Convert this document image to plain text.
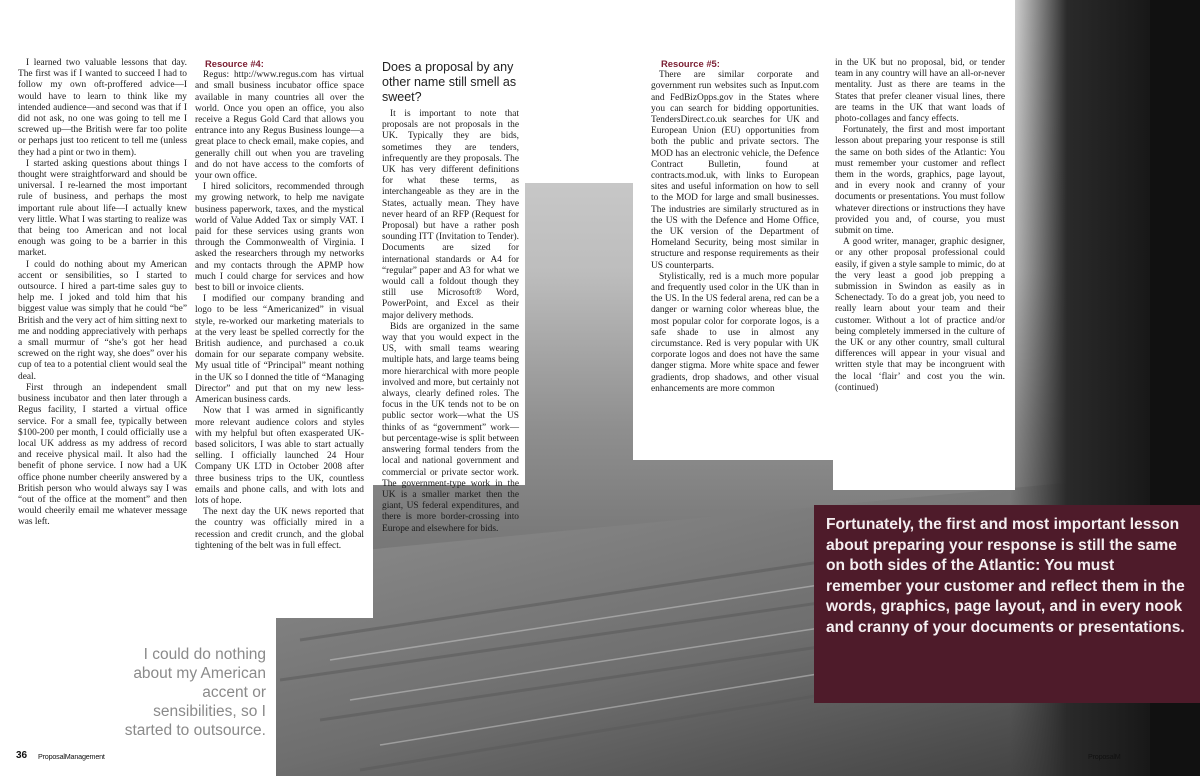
I learned two valuable lessons that day. The first was if I wanted to succeed I had to follow my own oft-proffered advice—I would have to learn to think like my intended audience—and second was that if I did not ask, no one was going to tell me I screwed up—the British were far too polite or perhaps just too reticent to tell me (unless they had a pint or two in them).

I started asking questions about things I thought were straightforward and should be universal. I re-learned the most important rule of business, and perhaps the most important rule about life—I actually knew very little. What I was starting to realize was that being too American and not local enough was going to be a barrier in this market.

I could do nothing about my American accent or sensibilities, so I started to outsource. I hired a part-time sales guy to help me. I joked and told him that his biggest value was simply that he could “be” British and the very act of him sitting next to me and nodding appreciatively with perhaps a small murmur of “she’s got her head screwed on the right way, she does” over his cup of tea to a potential client would seal the deal.

First through an independent small business incubator and then later through a Regus facility, I started a virtual office service. For a small fee, typically between $100-200 per month, I could officially use a local UK address as my address of record and receive physical mail. It also had the benefit of phone service. I now had a UK office phone number cheerily answered by a British person who would always say I was “out of the office at the moment” and then would cheerily email me whatever message was left.

Resource #4:

Regus: http://www.regus.com has virtual and small business incubator office space available in many countries all over the world. Once you open an office, you also receive a Regus Gold Card that allows you entrance into any Regus Business lounge—a great place to check email, make copies, and generally chill out when you are traveling and do not have access to the comforts of your own office.

I hired solicitors, recommended through my growing network, to help me navigate business paperwork, taxes, and the mystical world of Value Added Tax or simply VAT. I paid for these services using grants won through the Commonwealth of Virginia. I asked the researchers through my networks and my contacts through the APMP how much I could charge for services and how best to bill or invoice clients.

I modified our company branding and logo to be less “Americanized” in visual style, re-worked our marketing materials to at the very least be spelled correctly for the British audience, and purchased a co.uk domain for our separate company website. My usual title of “Principal” meant nothing in the UK so I donned the title of “Managing Director” and put that on my new less-American business cards.

Now that I was armed in significantly more relevant audience colors and styles with my helpful but often exasperated UK-based solicitors, I was able to start actually selling. I officially launched 24 Hour Company UK LTD in October 2008 after three business trips to the UK, countless emails and phone calls, and with lots and lots of hope.

The next day the UK news reported that the country was officially mired in a recession and credit crunch, and the global tightening of the belt was in full effect.

Does a proposal by any other name still smell as sweet?

It is important to note that proposals are not proposals in the UK. Typically they are bids, sometimes they are tenders, infrequently are they proposals. The UK has very different definitions for what these terms, as interchangeable as they are in the States, actually mean. They have never heard of an RFP (Request for Proposal) but have a rather posh sounding ITT (Invitation to Tender). Documents are sized for international standards or A4 for “regular” paper and A3 for what we would call a foldout though they still use Microsoft® Word, PowerPoint, and Excel as their major delivery methods.

Bids are organized in the same way that you would expect in the US, with small teams wearing multiple hats, and large teams being more hierarchical with more people involved and more, but certainly not always, clearly defined roles. The focus in the UK tends not to be on public sector work—what the US thinks of as “government” work—but percentage-wise is split between answering formal tenders from the local and national government and commercial or private sector work. The government-type work in the UK is a smaller market then the giant, US federal expenditures, and there is more border-crossing into Europe and elsewhere for bids.

Resource #5:

There are similar corporate and government run websites such as Input.com and FedBizOpps.gov in the States where you can search for bidding opportunities. TendersDirect.co.uk searches for UK and European Union (EU) opportunities from both the public and private sectors. The MOD has an electronic vehicle, the Defence Contract Bulletin, found at contracts.mod.uk, with links to European sites and useful information on how to sell to the MOD for large and small businesses. The industries are similarly structured as in the US with the Defence and Home Office, the UK version of the Department of Homeland Security, being most similar in structure and response requirements as their US counterparts.

Stylistically, red is a much more popular and frequently used color in the UK than in the US. In the US federal arena, red can be a danger or warning color whereas blue, the most popular color for corporate logos, is a safe shade to use in almost any circumstance. Red is very popular with UK corporate logos and does not have the same danger stigma. More white space and fewer gradients, drop shadows, and other visual enhancements are more common

in the UK but no proposal, bid, or tender team in any country will have an all-or-never mentality. Just as there are teams in the States that prefer cleaner visual lines, there are teams in the UK that want loads of photo-collages and fancy effects.

Fortunately, the first and most important lesson about preparing your response is still the same on both sides of the Atlantic: You must remember your customer and reflect them in the words, graphics, page layout, and in every nook and cranny of your documents or presentations. You must follow whatever directions or instructions they have provided you and, of course, you must submit on time.

A good writer, manager, graphic designer, or any other proposal professional could easily, if given a style sample to mimic, do at the very least a good job prepping a submission in Swindon as easily as in Schenectady. To do a great job, you need to really learn about your team and their customer. Without a lot of practice and/or being completely immersed in the culture of the UK or any other country, small cultural differences will appear in your visual and written style that may be incongruent with the local ‘flair’ and cost you the win. (continued)

I could do nothing about my American accent or sensibilities, so I started to outsource.
Fortunately, the first and most important lesson about preparing your response is still the same on both sides of the Atlantic: You must remember your customer and reflect them in the words, graphics, page layout, and in every nook and cranny of your documents or presentations.
36 ProposalManagement	ProposalM
